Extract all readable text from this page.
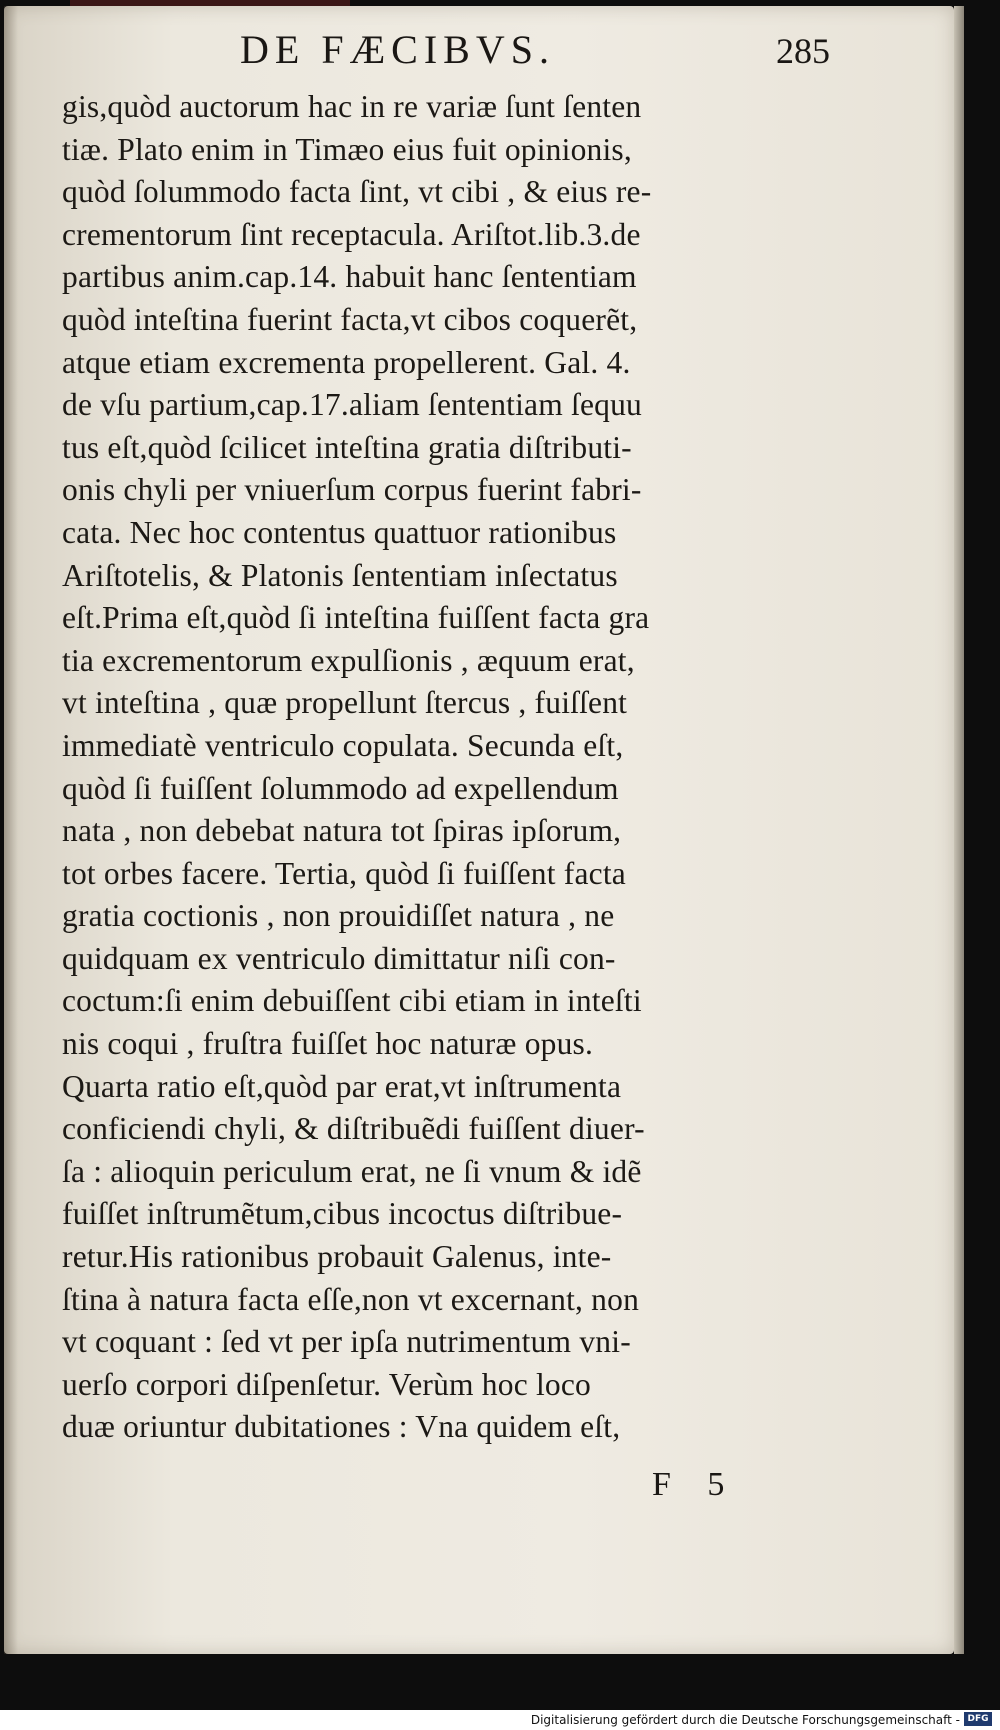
DE FÆCIBVS.	285
gis,quòd auctorum hac in re variæ ſunt ſenten
tiæ. Plato enim in Timæo eius fuit opinionis,
quòd ſolummodo facta ſint, vt cibi , & eius re-
crementorum ſint receptacula. Ariſtot.lib.3.de
partibus anim.cap.14. habuit hanc ſententiam
quòd inteſtina fuerint facta,vt cibos coquerẽt,
atque etiam excrementa propellerent. Gal. 4.
de vſu partium,cap.17.aliam ſententiam ſequu
tus eſt,quòd ſcilicet inteſtina gratia diſtributi-
onis chyli per vniuerſum corpus fuerint fabri-
cata. Nec hoc contentus quattuor rationibus
Ariſtotelis, & Platonis ſententiam inſectatus
eſt.Prima eſt,quòd ſi inteſtina fuiſſent facta gra
tia excrementorum expulſionis , æquum erat,
vt inteſtina , quæ propellunt ſtercus , fuiſſent
immediatè ventriculo copulata. Secunda eſt,
quòd ſi fuiſſent ſolummodo ad expellendum
nata , non debebat natura tot ſpiras ipſorum,
tot orbes facere. Tertia, quòd ſi fuiſſent facta
gratia coctionis , non prouidiſſet natura , ne
quidquam ex ventriculo dimittatur niſi con-
coctum:ſi enim debuiſſent cibi etiam in inteſti
nis coqui , fruſtra fuiſſet hoc naturæ opus.
Quarta ratio eſt,quòd par erat,vt inſtrumenta
conficiendi chyli, & diſtribuẽdi fuiſſent diuer-
ſa : alioquin periculum erat, ne ſi vnum & idẽ
fuiſſet inſtrumẽtum,cibus incoctus diſtribue-
retur.His rationibus probauit Galenus, inte-
ſtina à natura facta eſſe,non vt excernant, non
vt coquant : ſed vt per ipſa nutrimentum vni-
uerſo corpori diſpenſetur. Verùm hoc loco
duæ oriuntur dubitationes : Vna quidem eſt,
F 5
Digitalisierung gefördert durch die Deutsche Forschungsgemeinschaft - DFG
